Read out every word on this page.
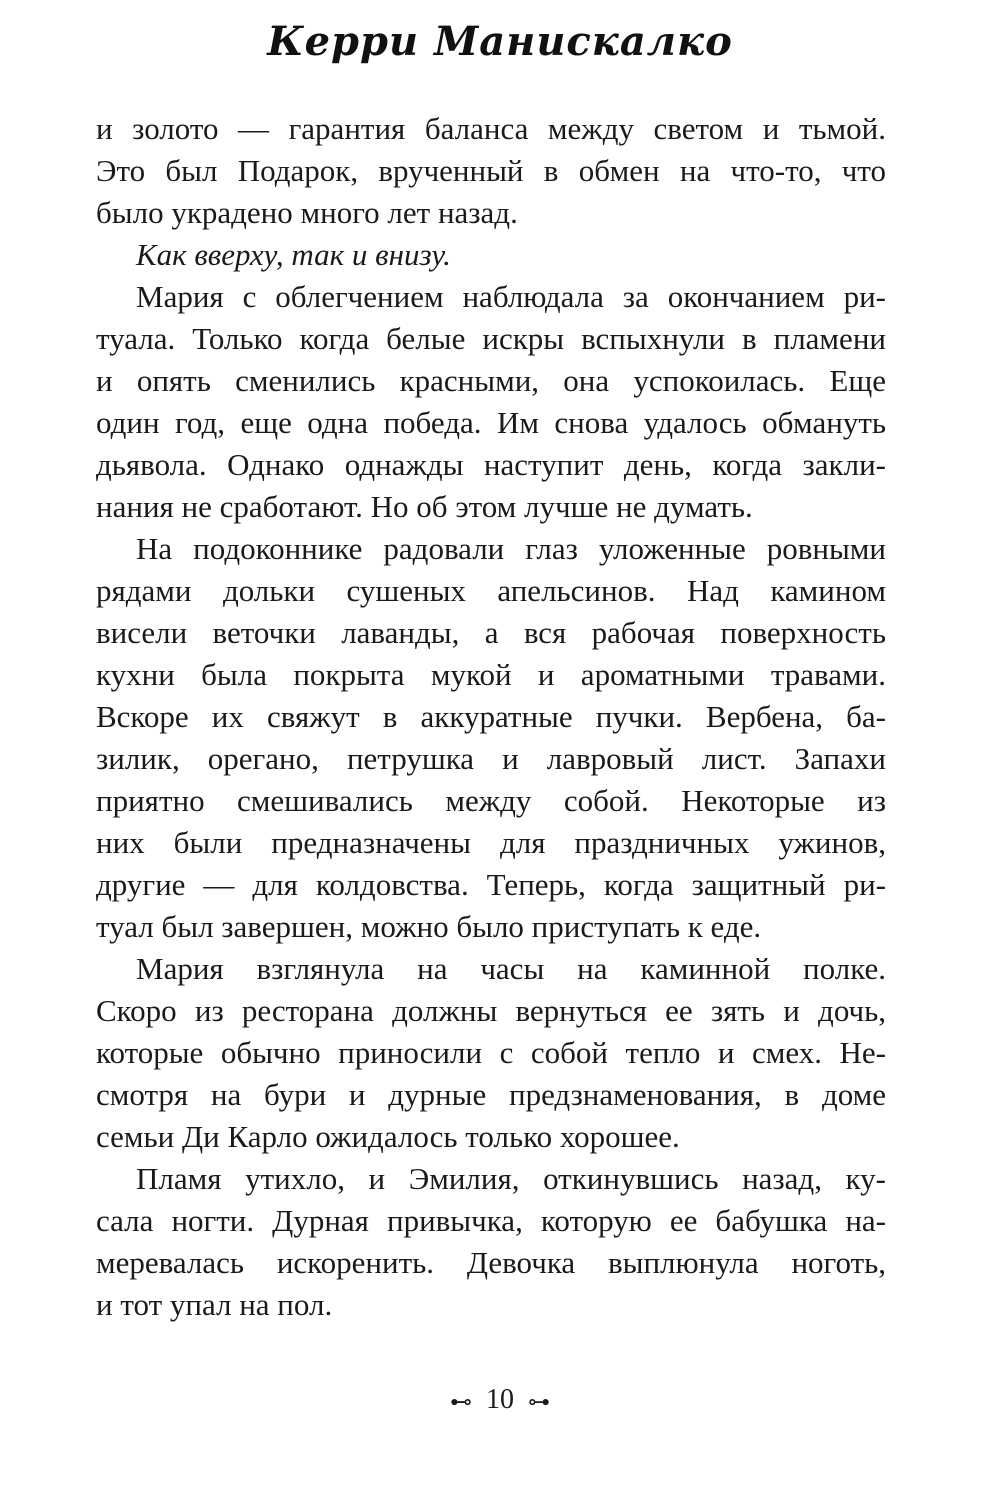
Керри Манискалко
и золото — гарантия баланса между светом и тьмой.
Это был Подарок, врученный в обмен на что-то, что
было украдено много лет назад.
Как вверху, так и внизу.
Мария с облегчением наблюдала за окончанием ри-
туала. Только когда белые искры вспыхнули в пламени
и опять сменились красными, она успокоилась. Еще
один год, еще одна победа. Им снова удалось обмануть
дьявола. Однако однажды наступит день, когда закли-
нания не сработают. Но об этом лучше не думать.
На подоконнике радовали глаз уложенные ровными
рядами дольки сушеных апельсинов. Над камином
висели веточки лаванды, а вся рабочая поверхность
кухни была покрыта мукой и ароматными травами.
Вскоре их свяжут в аккуратные пучки. Вербена, ба-
зилик, орегано, петрушка и лавровый лист. Запахи
приятно смешивались между собой. Некоторые из
них были предназначены для праздничных ужинов,
другие — для колдовства. Теперь, когда защитный ри-
туал был завершен, можно было приступать к еде.
Мария взглянула на часы на каминной полке.
Скоро из ресторана должны вернуться ее зять и дочь,
которые обычно приносили с собой тепло и смех. Не-
смотря на бури и дурные предзнаменования, в доме
семьи Ди Карло ожидалось только хорошее.
Пламя утихло, и Эмилия, откинувшись назад, ку-
сала ногти. Дурная привычка, которую ее бабушка на-
меревалась искоренить. Девочка выплюнула ноготь,
и тот упал на пол.
⊷ 10 ⊶
